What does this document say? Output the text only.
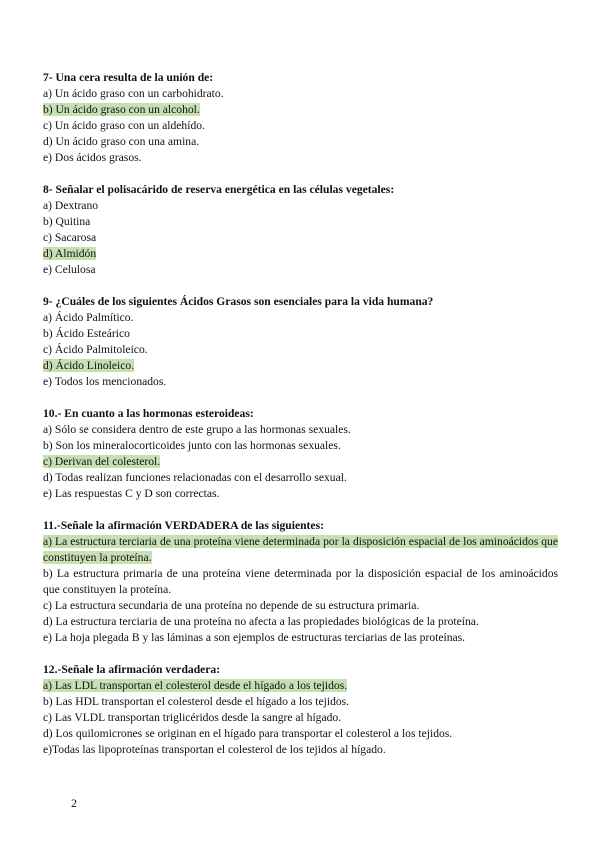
7- Una cera resulta de la unión de:
a) Un ácido graso con un carbohidrato.
b) Un ácido graso con un alcohol.
c) Un ácido graso con un aldehído.
d) Un ácido graso con una amina.
e) Dos ácidos grasos.
8- Señalar el polisacárido de reserva energética en las células vegetales:
a) Dextrano
b) Quitina
c) Sacarosa
d) Almidón
e) Celulosa
9- ¿Cuáles de los siguientes Ácidos Grasos son esenciales para la vida humana?
a) Ácido Palmítico.
b) Ácido Esteárico
c) Ácido Palmitoleico.
d) Ácido Linoleico.
e) Todos los mencionados.
10.- En cuanto a las hormonas esteroideas:
a) Sólo se considera dentro de este grupo a las hormonas sexuales.
b) Son los mineralocorticoides junto con las hormonas sexuales.
c) Derivan del colesterol.
d) Todas realizan funciones relacionadas con el desarrollo sexual.
e) Las respuestas C y D son correctas.
11.-Señale la afirmación VERDADERA de las siguientes:
a) La estructura terciaria de una proteína viene determinada por la disposición espacial de los aminoácidos que constituyen la proteína.
b) La estructura primaria de una proteína viene determinada por la disposición espacial de los aminoácidos que constituyen la proteína.
c) La estructura secundaria de una proteína no depende de su estructura primaria.
d) La estructura terciaria de una proteína no afecta a las propiedades biológicas de la proteína.
e) La hoja plegada B y las láminas a son ejemplos de estructuras terciarias de las proteínas.
12.-Señale la afirmación verdadera:
a) Las LDL transportan el colesterol desde el hígado a los tejidos.
b) Las HDL transportan el colesterol desde el hígado a los tejidos.
c) Las VLDL transportan triglicéridos desde la sangre al hígado.
d) Los quilomicrones se originan en el hígado para transportar el colesterol a los tejidos.
e)Todas las lipoproteínas transportan el colesterol de los tejidos al hígado.
2
